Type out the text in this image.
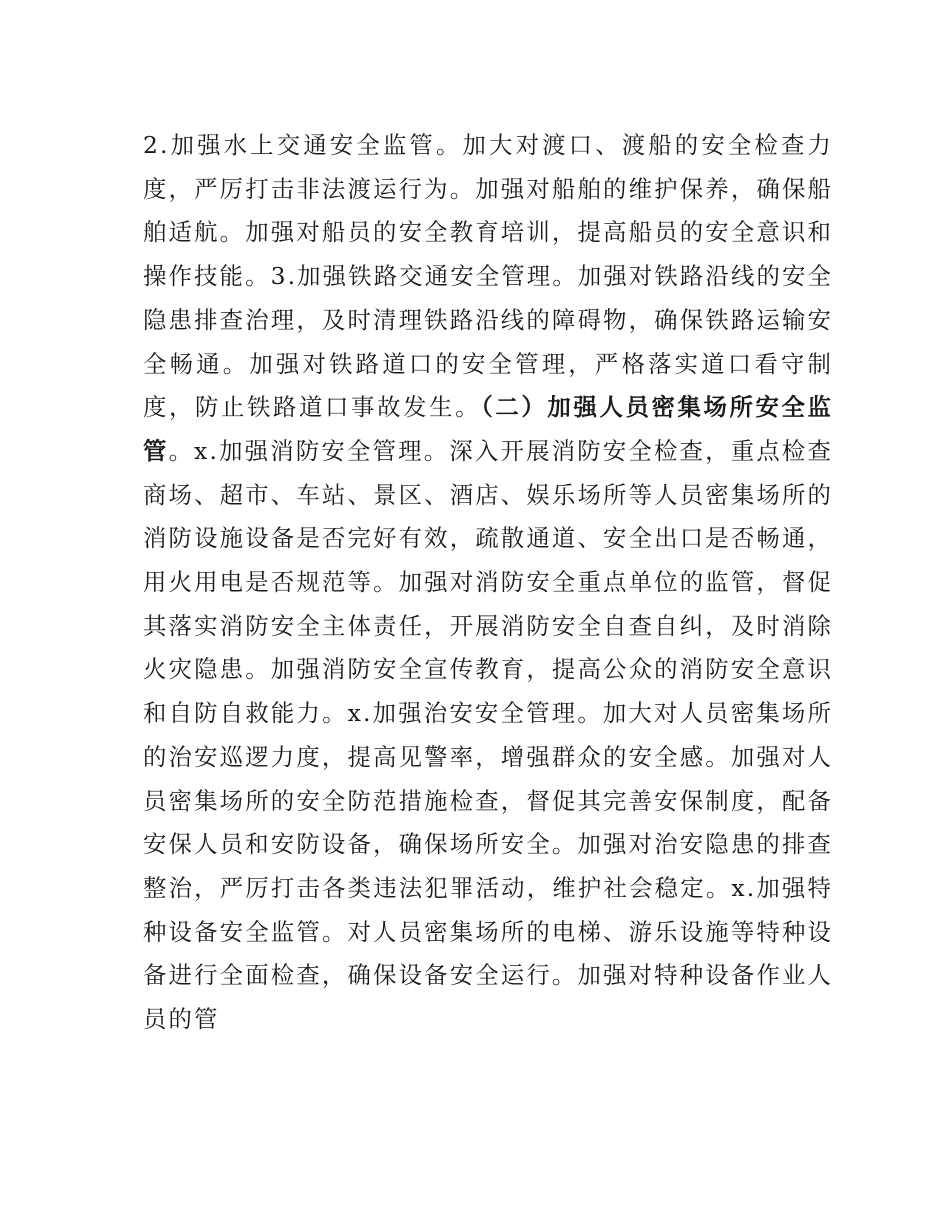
2.加强水上交通安全监管。加大对渡口、渡船的安全检查力度，严厉打击非法渡运行为。加强对船舶的维护保养，确保船舶适航。加强对船员的安全教育培训，提高船员的安全意识和操作技能。3.加强铁路交通安全管理。加强对铁路沿线的安全隐患排查治理，及时清理铁路沿线的障碍物，确保铁路运输安全畅通。加强对铁路道口的安全管理，严格落实道口看守制度，防止铁路道口事故发生。（二）加强人员密集场所安全监管。x.加强消防安全管理。深入开展消防安全检查，重点检查商场、超市、车站、景区、酒店、娱乐场所等人员密集场所的消防设施设备是否完好有效，疏散通道、安全出口是否畅通，用火用电是否规范等。加强对消防安全重点单位的监管，督促其落实消防安全主体责任，开展消防安全自查自纠，及时消除火灾隐患。加强消防安全宣传教育，提高公众的消防安全意识和自防自救能力。x.加强治安安全管理。加大对人员密集场所的治安巡逻力度，提高见警率，增强群众的安全感。加强对人员密集场所的安全防范措施检查，督促其完善安保制度，配备安保人员和安防设备，确保场所安全。加强对治安隐患的排查整治，严厉打击各类违法犯罪活动，维护社会稳定。x.加强特种设备安全监管。对人员密集场所的电梯、游乐设施等特种设备进行全面检查，确保设备安全运行。加强对特种设备作业人员的管
